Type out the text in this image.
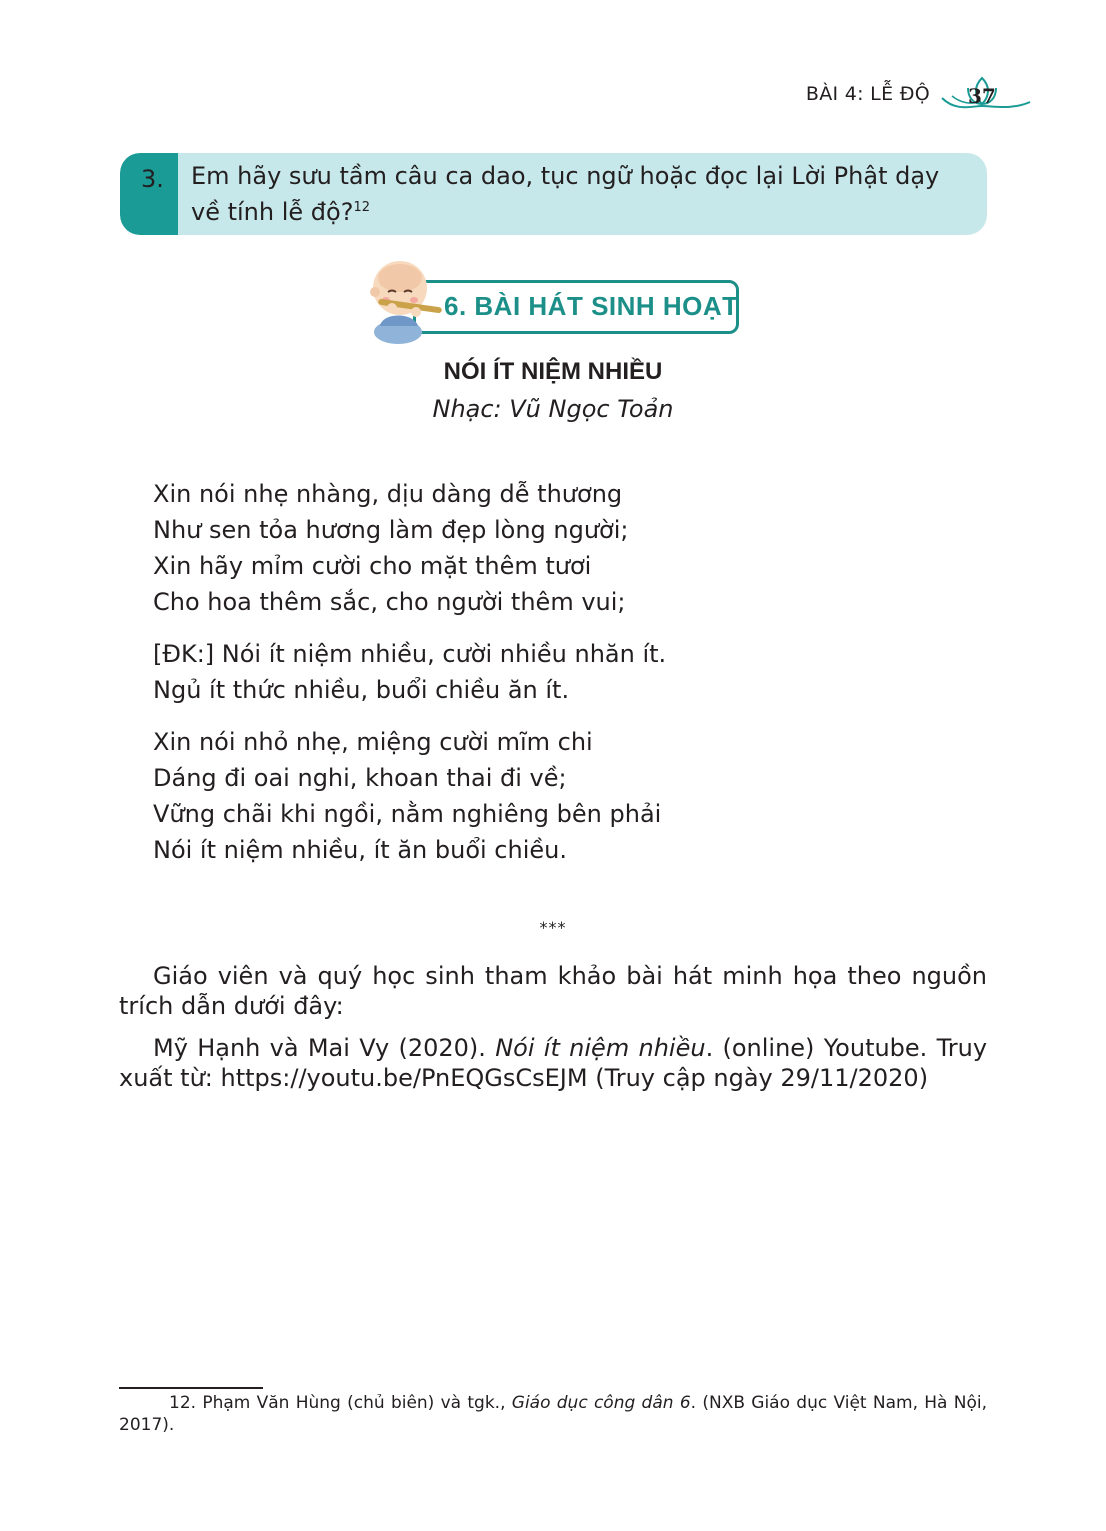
BÀI 4: LỄ ĐỘ 37
3. Em hãy sưu tầm câu ca dao, tục ngữ hoặc đọc lại Lời Phật dạy về tính lễ độ?$^{12}$
6. BÀI HÁT SINH HOẠT
NÓI ÍT NIỆM NHIỀU
Nhạc: Vũ Ngọc Toản
Xin nói nhẹ nhàng, dịu dàng dễ thương
Như sen tỏa hương làm đẹp lòng người;
Xin hãy mỉm cười cho mặt thêm tươi
Cho hoa thêm sắc, cho người thêm vui;
[ĐK:] Nói ít niệm nhiều, cười nhiều nhăn ít.
Ngủ ít thức nhiều, buổi chiều ăn ít.
Xin nói nhỏ nhẹ, miệng cười mĩm chi
Dáng đi oai nghi, khoan thai đi về;
Vững chãi khi ngồi, nằm nghiêng bên phải
Nói ít niệm nhiều, ít ăn buổi chiều.
***
Giáo viên và quý học sinh tham khảo bài hát minh họa theo nguồn trích dẫn dưới đây:
Mỹ Hạnh và Mai Vy (2020). Nói ít niệm nhiều. (online) Youtube. Truy xuất từ: https://youtu.be/PnEQGsCsEJM (Truy cập ngày 29/11/2020)
12. Phạm Văn Hùng (chủ biên) và tgk., Giáo dục công dân 6. (NXB Giáo dục Việt Nam, Hà Nội, 2017).
